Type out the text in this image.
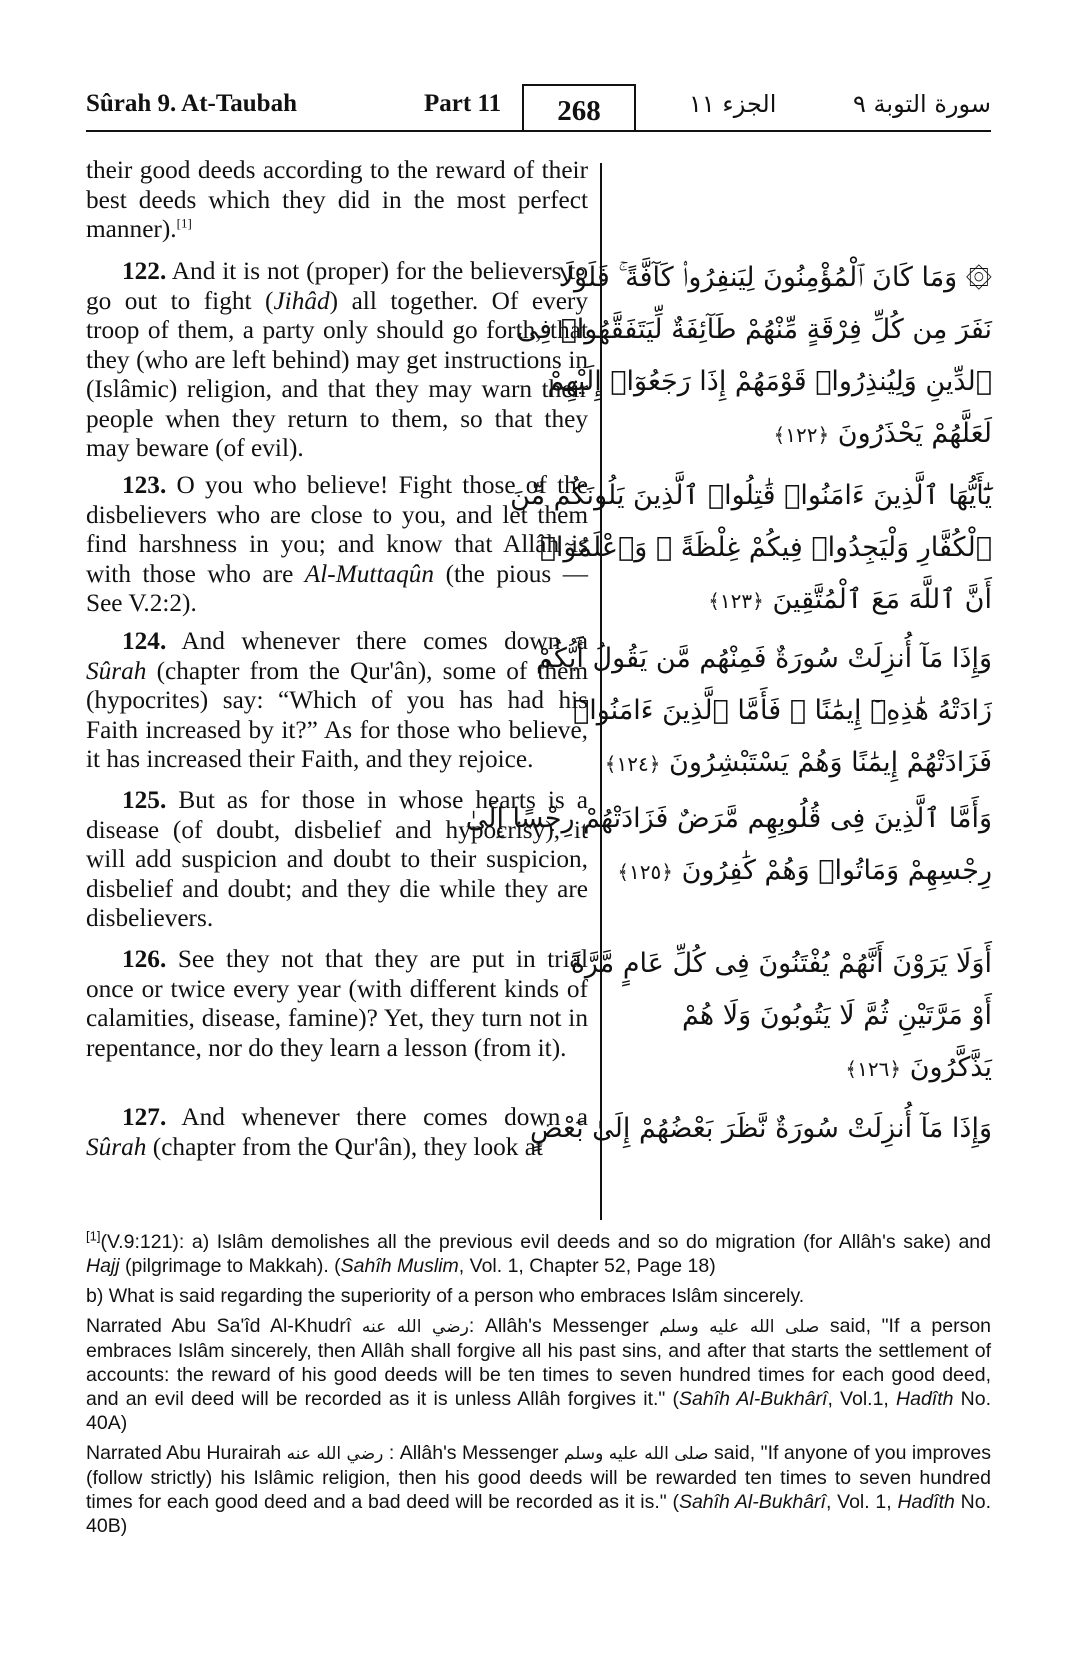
Sûrah 9. At-Taubah	Part 11	268	الجزء ١١	سورة التوبة ٩

their good deeds according to the reward of their best deeds which they did in the most perfect manner).[1]

122. And it is not (proper) for the believers to go out to fight (Jihâd) all together. Of every troop of them, a party only should go forth, that they (who are left behind) may get instructions in (Islâmic) religion, and that they may warn their people when they return to them, so that they may beware (of evil).

123. O you who believe! Fight those of the disbelievers who are close to you, and let them find harshness in you; and know that Allâh is with those who are Al-Muttaqûn (the pious — See V.2:2).

124. And whenever there comes down a Sûrah (chapter from the Qur'ân), some of them (hypocrites) say: “Which of you has had his Faith increased by it?” As for those who believe, it has increased their Faith, and they rejoice.

125. But as for those in whose hearts is a disease (of doubt, disbelief and hypocrisy), it will add suspicion and doubt to their suspicion, disbelief and doubt; and they die while they are disbelievers.

126. See they not that they are put in trial once or twice every year (with different kinds of calamities, disease, famine)? Yet, they turn not in repentance, nor do they learn a lesson (from it).

127. And whenever there comes down a Sûrah (chapter from the Qur'ân), they look at

۞ وَمَا كَانَ ٱلْمُؤْمِنُونَ لِيَنفِرُوا۟ كَآفَّةً ۚ فَلَوْلَا
نَفَرَ مِن كُلِّ فِرْقَةٍ مِّنْهُمْ طَآئِفَةٌ لِّيَتَفَقَّهُوا۟ فِى
ٱلدِّينِ وَلِيُنذِرُوا۟ قَوْمَهُمْ إِذَا رَجَعُوٓا۟ إِلَيْهِمْ
لَعَلَّهُمْ يَحْذَرُونَ ﴿١٢٢﴾
يَٰٓأَيُّهَا ٱلَّذِينَ ءَامَنُوا۟ قَٰتِلُوا۟ ٱلَّذِينَ يَلُونَكُم مِّنَ
ٱلْكُفَّارِ وَلْيَجِدُوا۟ فِيكُمْ غِلْظَةً ۚ وَٱعْلَمُوٓا۟
أَنَّ ٱللَّهَ مَعَ ٱلْمُتَّقِينَ ﴿١٢٣﴾
وَإِذَا مَآ أُنزِلَتْ سُورَةٌ فَمِنْهُم مَّن يَقُولُ أَيُّكُمْ
زَادَتْهُ هَٰذِهِۦٓ إِيمَٰنًا ۚ فَأَمَّا ٱلَّذِينَ ءَامَنُوا۟
فَزَادَتْهُمْ إِيمَٰنًا وَهُمْ يَسْتَبْشِرُونَ ﴿١٢٤﴾
وَأَمَّا ٱلَّذِينَ فِى قُلُوبِهِم مَّرَضٌ فَزَادَتْهُمْ رِجْسًا إِلَىٰ
رِجْسِهِمْ وَمَاتُوا۟ وَهُمْ كَٰفِرُونَ ﴿١٢٥﴾
أَوَلَا يَرَوْنَ أَنَّهُمْ يُفْتَنُونَ فِى كُلِّ عَامٍ مَّرَّةً
أَوْ مَرَّتَيْنِ ثُمَّ لَا يَتُوبُونَ وَلَا هُمْ
يَذَّكَّرُونَ ﴿١٢٦﴾
وَإِذَا مَآ أُنزِلَتْ سُورَةٌ نَّظَرَ بَعْضُهُمْ إِلَىٰ بَعْضٍ

[1](V.9:121): a) Islâm demolishes all the previous evil deeds and so do migration (for Allâh's sake) and Hajj (pilgrimage to Makkah). (Sahîh Muslim, Vol. 1, Chapter 52, Page 18)

b) What is said regarding the superiority of a person who embraces Islâm sincerely.

Narrated Abu Sa'îd Al-Khudrî رضي الله عنه: Allâh's Messenger صلى الله عليه وسلم said, "If a person embraces Islâm sincerely, then Allâh shall forgive all his past sins, and after that starts the settlement of accounts: the reward of his good deeds will be ten times to seven hundred times for each good deed, and an evil deed will be recorded as it is unless Allâh forgives it." (Sahîh Al-Bukhârî, Vol.1, Hadîth No. 40A)

Narrated Abu Hurairah رضي الله عنه : Allâh's Messenger صلى الله عليه وسلم said, "If anyone of you improves (follow strictly) his Islâmic religion, then his good deeds will be rewarded ten times to seven hundred times for each good deed and a bad deed will be recorded as it is." (Sahîh Al-Bukhârî, Vol. 1, Hadîth No. 40B)
